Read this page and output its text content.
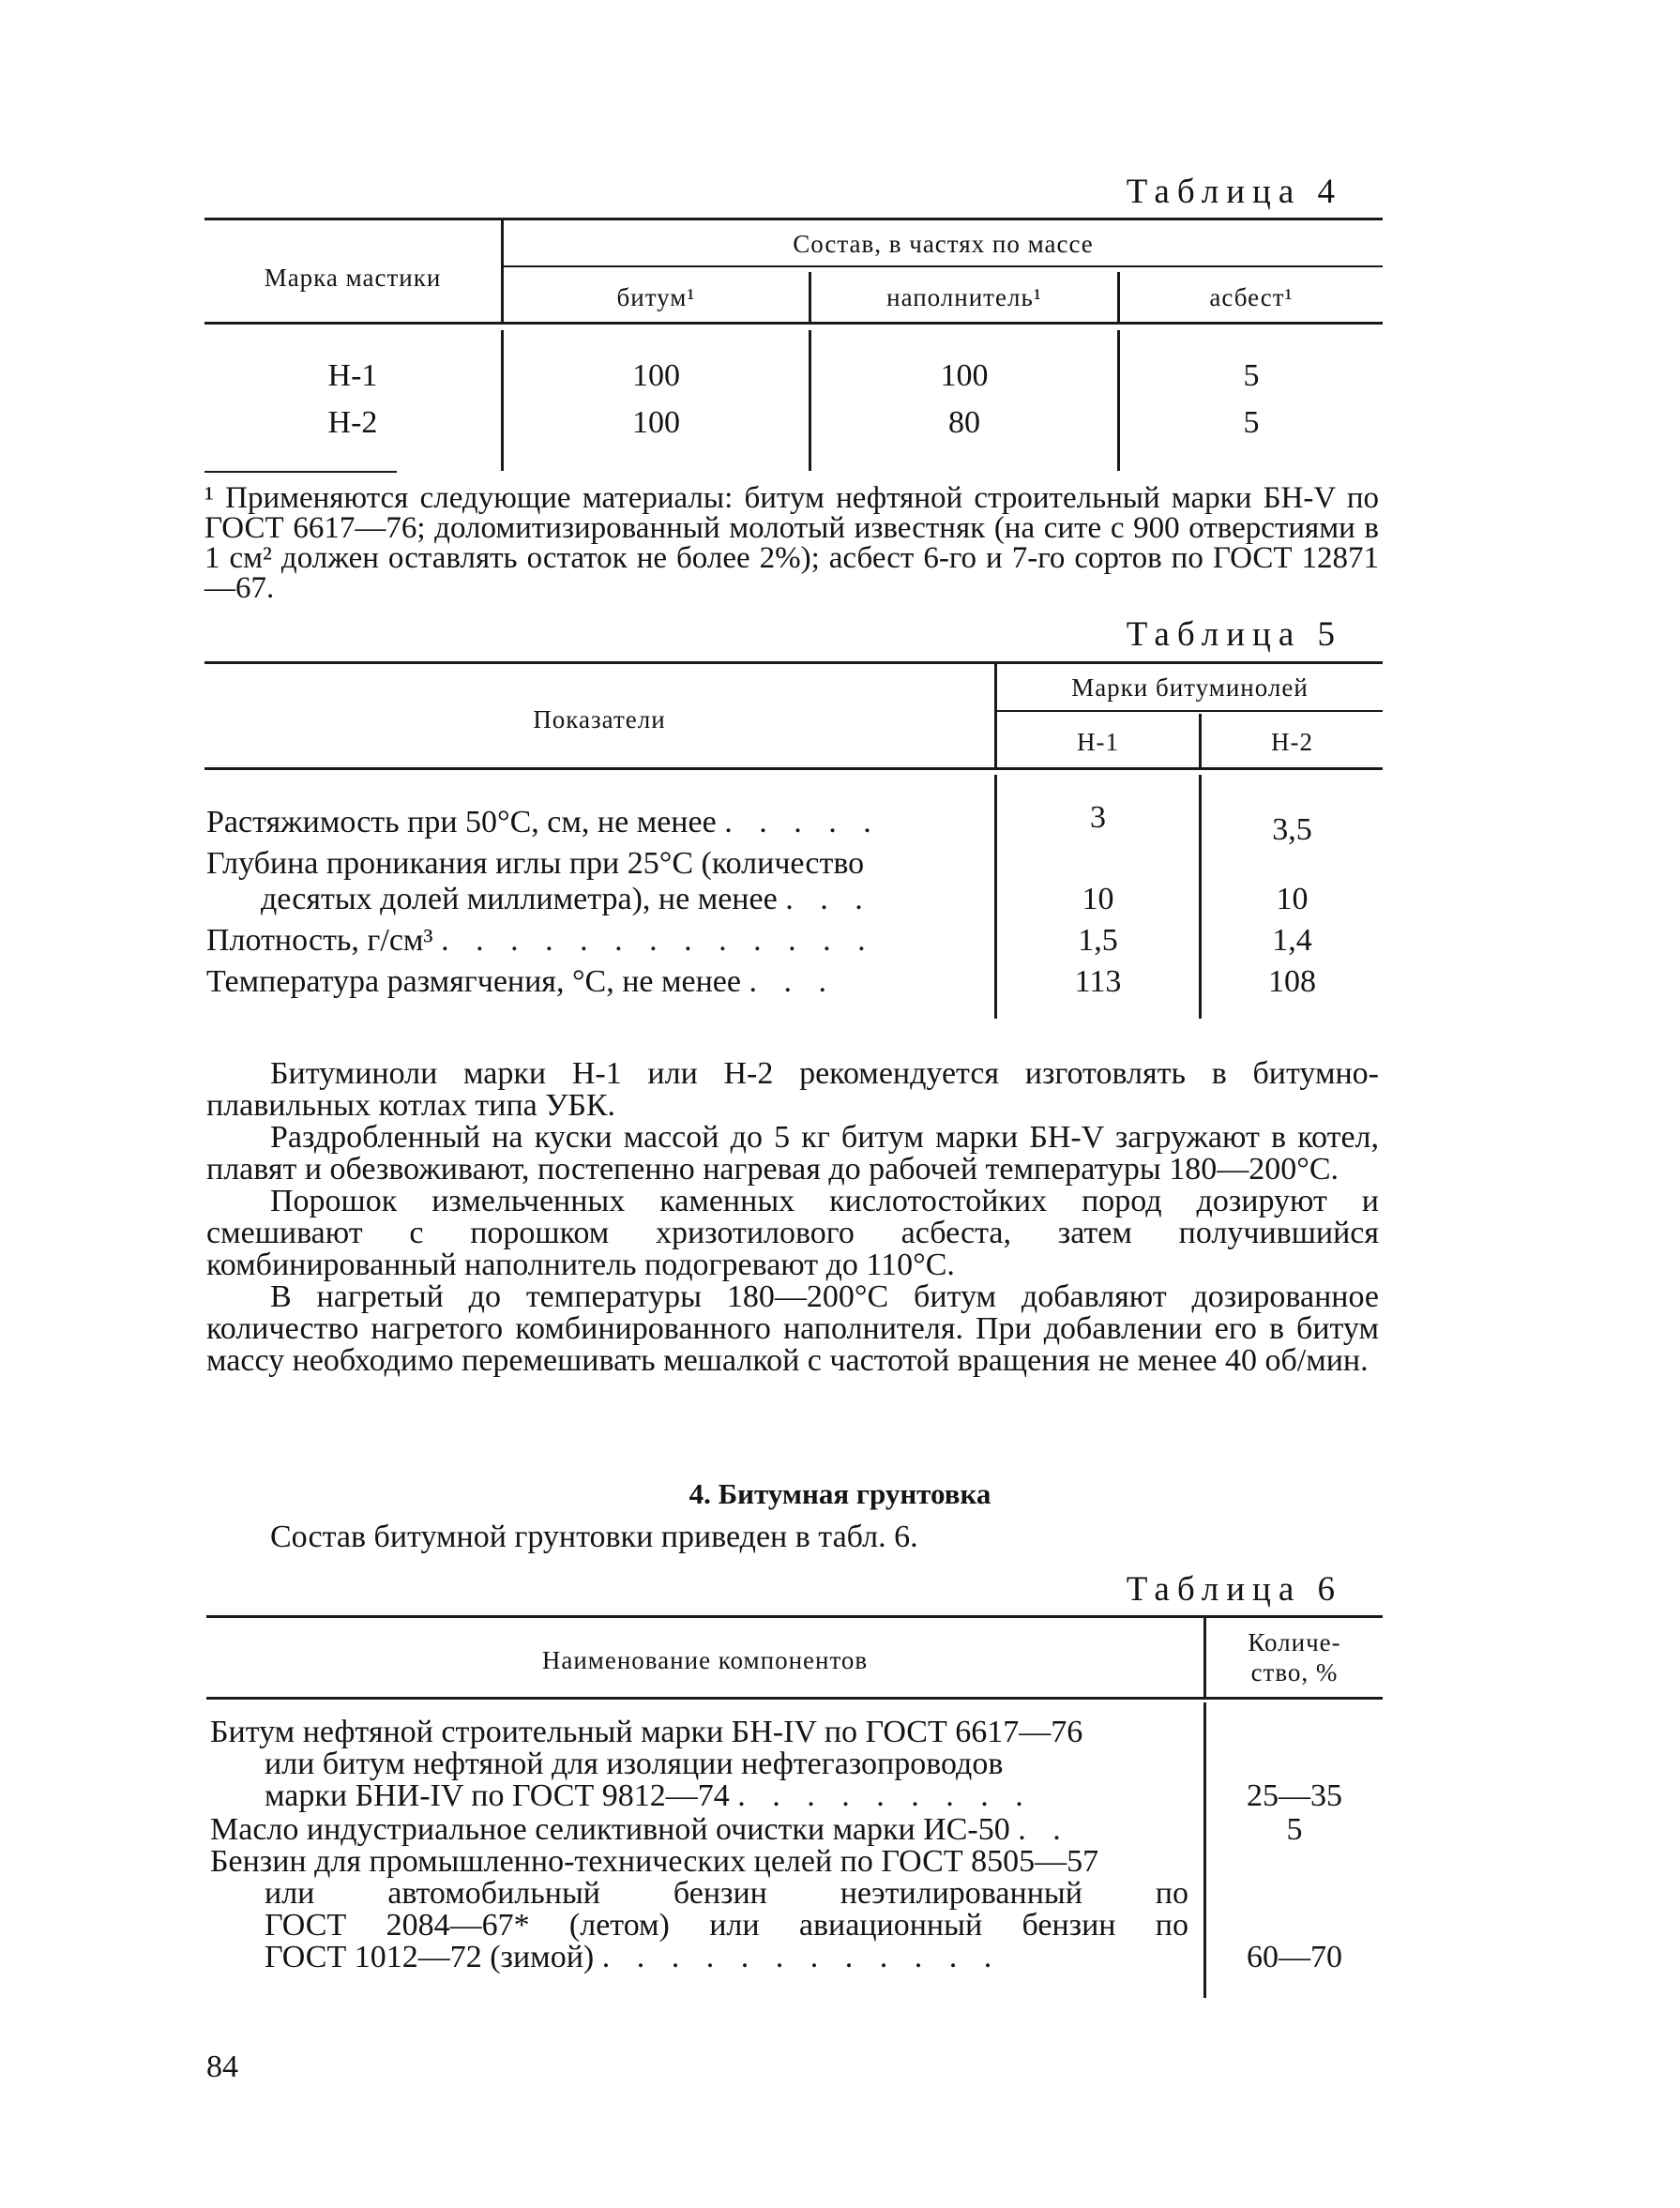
Таблица 4
Марка мастики
Состав, в частях по массе
битум¹	наполнитель¹	асбест¹
Н-1	100	100	5
Н-2	100	80	5
¹ Применяются следующие материалы: битум нефтяной строительный марки БН-V по ГОСТ 6617—76; доломитизированный молотый известняк (на сите с 900 отверстиями в 1 см² должен оставлять остаток не более 2%); асбест 6-го и 7-го сортов по ГОСТ 12871—67.
Таблица 5
Показатели
Марки битуминолей
Н-1	Н-2
Растяжимость при 50°С, см, не менее . . . . .	3	3,5
Глубина проникания иглы при 25°С (количество
десятых долей миллиметра), не менее . . .	10	10
Плотность, г/см³ . . . . . . . . . . . . .	1,5	1,4
Температура размягчения, °С, не менее . . .	113	108

Битуминоли марки Н-1 или Н-2 рекомендуется изготовлять в битумно-плавильных котлах типа УБК.

Раздробленный на куски массой до 5 кг битум марки БН-V загружают в котел, плавят и обезвоживают, постепенно нагревая до рабочей температуры 180—200°С.

Порошок измельченных каменных кислотостойких пород дозируют и смешивают с порошком хризотилового асбеста, затем получившийся комбинированный наполнитель подогревают до 110°С.

В нагретый до температуры 180—200°С битум добавляют дозированное количество нагретого комбинированного наполнителя. При добавлении его в битум массу необходимо перемешивать мешалкой с частотой вращения не менее 40 об/мин.

4. Битумная грунтовка
Состав битумной грунтовки приведен в табл. 6.
Таблица 6
Наименование компонентов
Количе-
ство, %
Битум нефтяной строительный марки БН-IV по ГОСТ 6617—76
или битум нефтяной для изоляции нефтегазопроводов
марки БНИ-IV по ГОСТ 9812—74 . . . . . . . . .	25—35
Масло индустриальное селиктивной очистки марки ИС-50 . .	5
Бензин для промышленно-технических целей по ГОСТ 8505—57
или автомобильный бензин неэтилированный по
ГОСТ 2084—67* (летом) или авиационный бензин по
ГОСТ 1012—72 (зимой) . . . . . . . . . . . .	60—70
84
